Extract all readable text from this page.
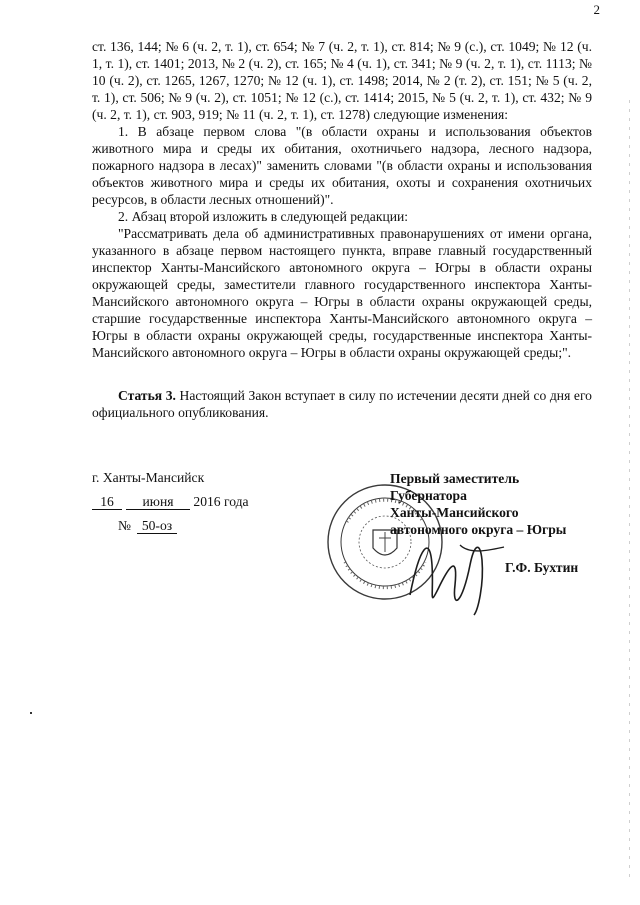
2

ст. 136, 144; № 6 (ч. 2, т. 1), ст. 654; № 7 (ч. 2, т. 1), ст. 814; № 9 (с.), ст. 1049; № 12 (ч. 1, т. 1), ст. 1401; 2013, № 2 (ч. 2), ст. 165; № 4 (ч. 1), ст. 341; № 9 (ч. 2, т. 1), ст. 1113; № 10 (ч. 2), ст. 1265, 1267, 1270; № 12 (ч. 1), ст. 1498; 2014, № 2 (т. 2), ст. 151; № 5 (ч. 2, т. 1), ст. 506; № 9 (ч. 2), ст. 1051; № 12 (с.), ст. 1414; 2015, № 5 (ч. 2, т. 1), ст. 432; № 9 (ч. 2, т. 1), ст. 903, 919; № 11 (ч. 2, т. 1), ст. 1278) следующие изменения:

1. В абзаце первом слова "(в области охраны и использования объектов животного мира и среды их обитания, охотничьего надзора, лесного надзора, пожарного надзора в лесах)" заменить словами "(в области охраны и использования объектов животного мира и среды их обитания, охоты и сохранения охотничьих ресурсов, в области лесных отношений)".

2. Абзац второй изложить в следующей редакции:

"Рассматривать дела об административных правонарушениях от имени органа, указанного в абзаце первом настоящего пункта, вправе главный государственный инспектор Ханты-Мансийского автономного округа – Югры в области охраны окружающей среды, заместители главного государственного инспектора Ханты-Мансийского автономного округа – Югры в области охраны окружающей среды, старшие государственные инспектора Ханты-Мансийского автономного округа – Югры в области охраны окружающей среды, государственные инспектора Ханты-Мансийского автономного округа – Югры в области охраны окружающей среды;".

Статья 3. Настоящий Закон вступает в силу по истечении десяти дней со дня его официального опубликования.

г. Ханты-Мансийск
16 июня 2016 года
№ 50-оз
Первый заместитель
Губернатора
Ханты-Мансийского
автономного округа – Югры
Г.Ф. Бухтин
